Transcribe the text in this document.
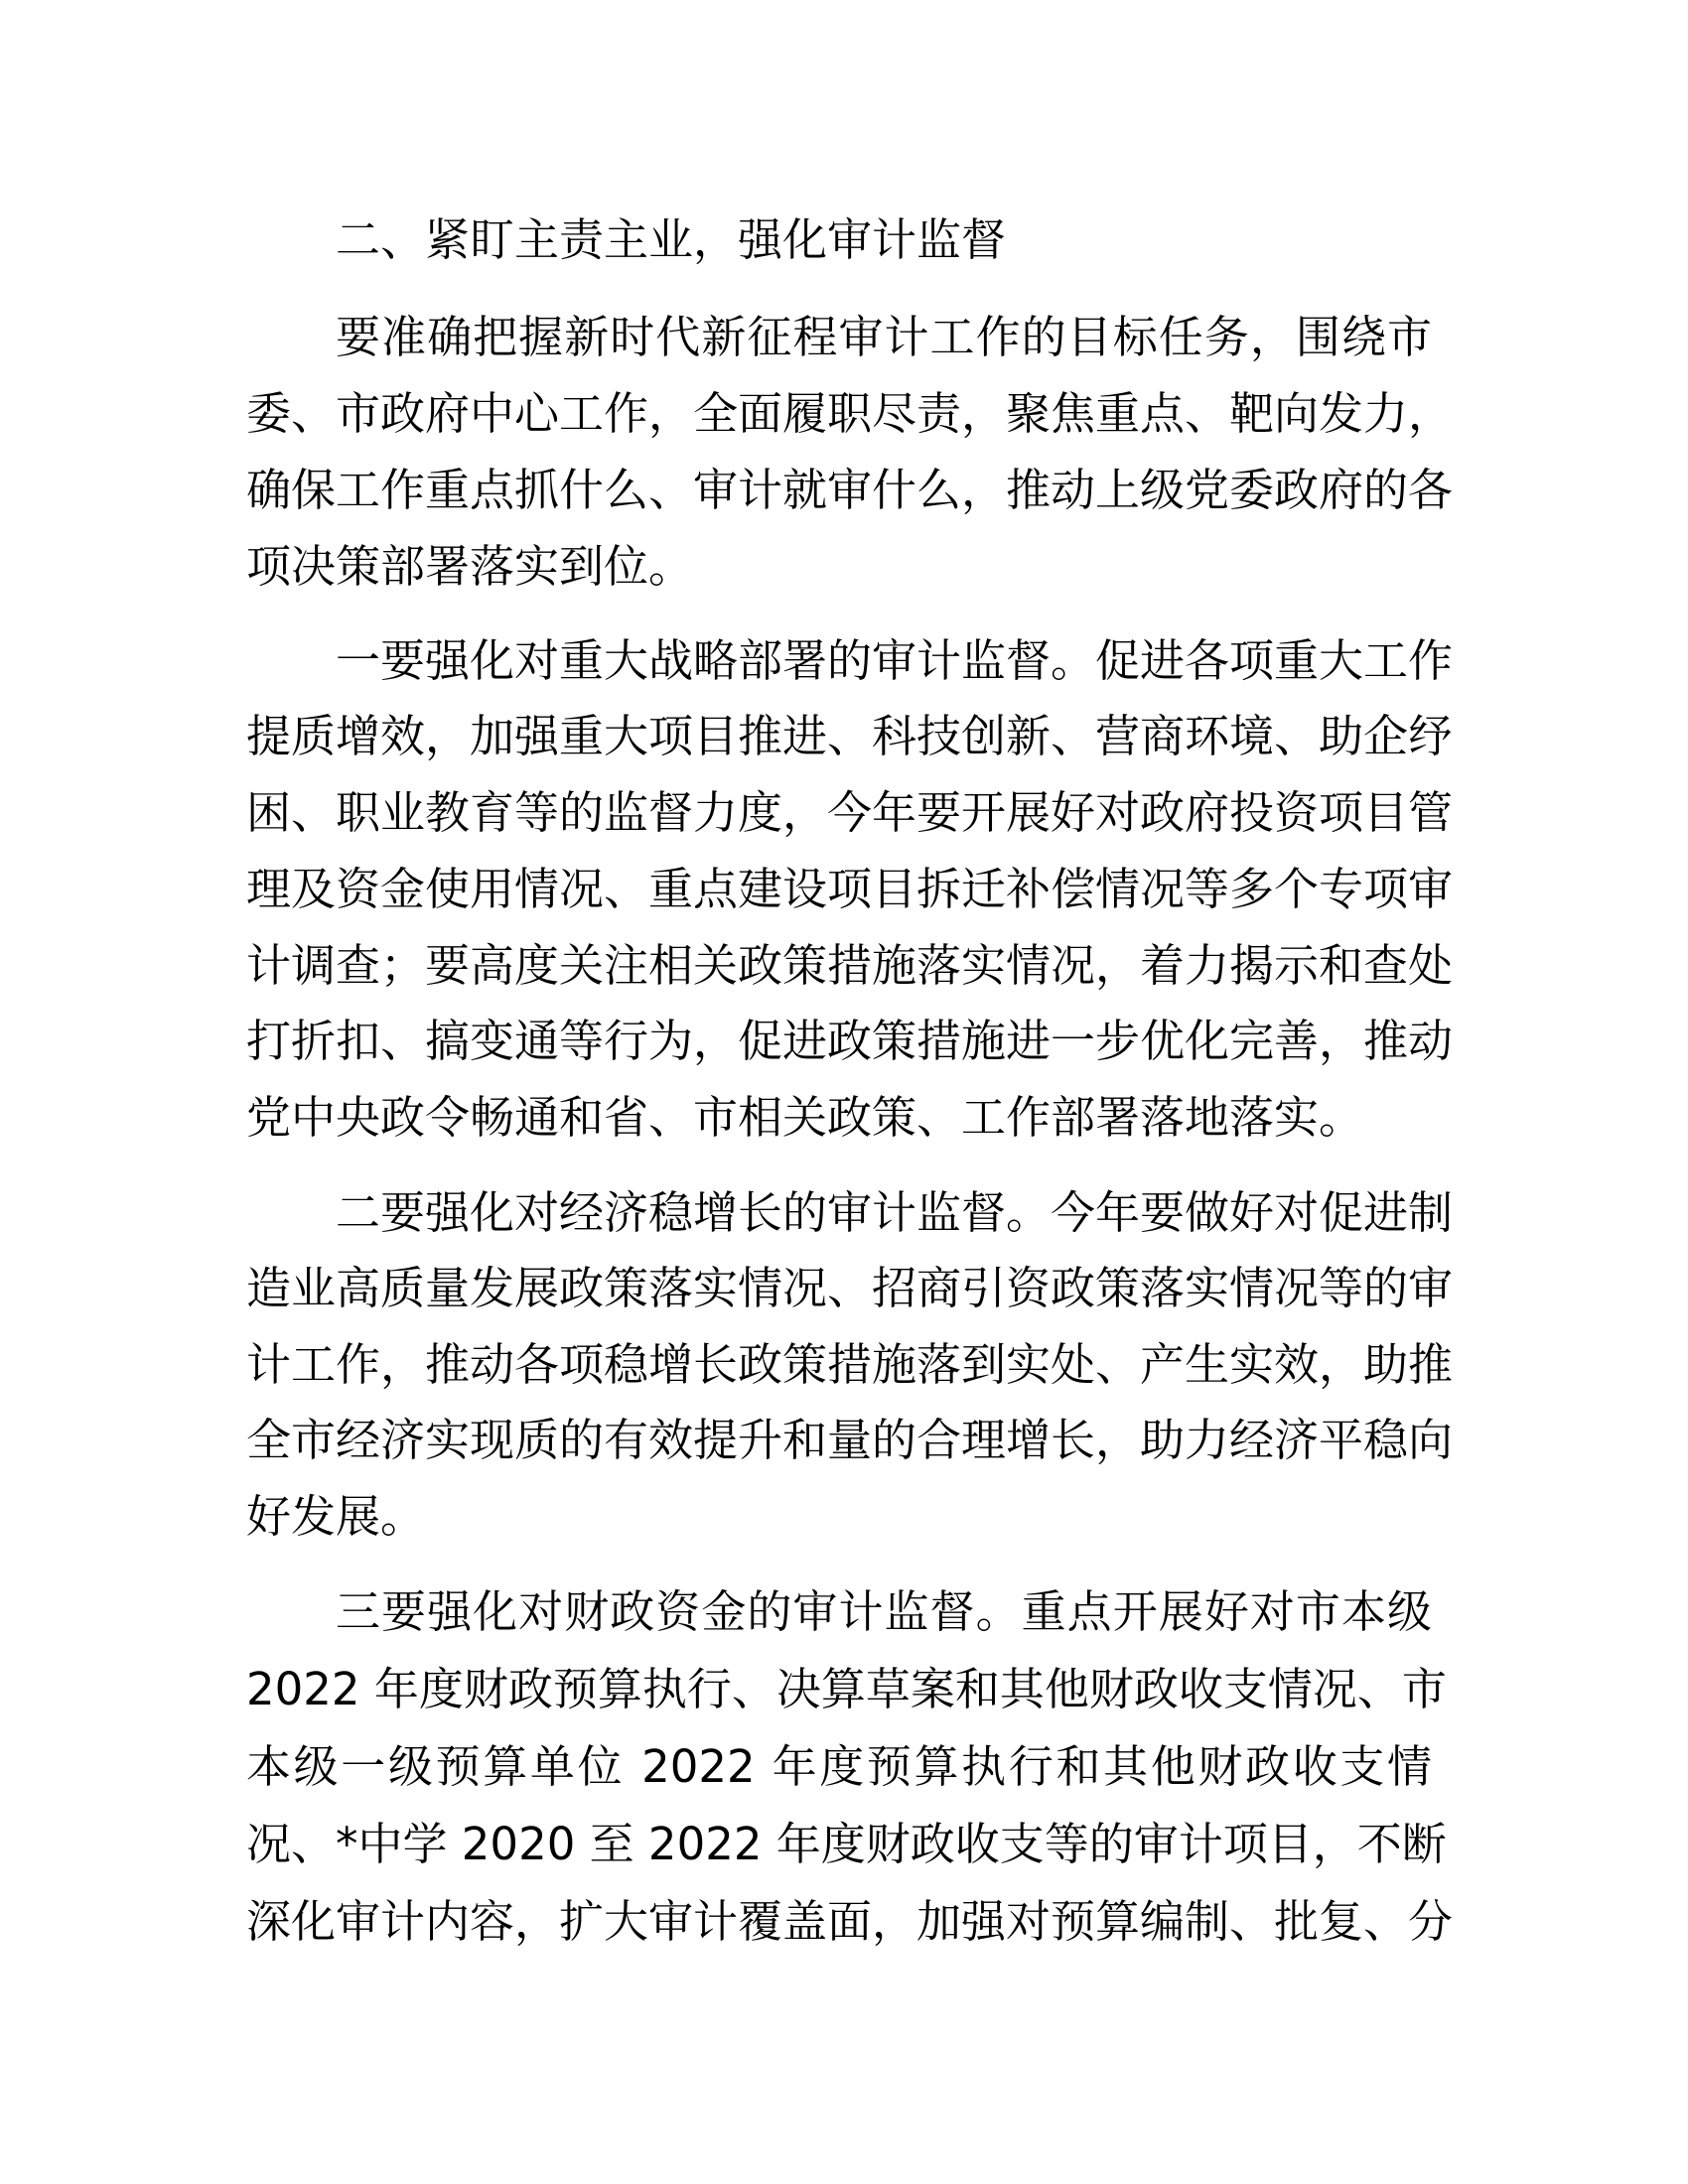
二、紧盯主责主业，强化审计监督
要准确把握新时代新征程审计工作的目标任务，围绕市
委、市政府中心工作，全面履职尽责，聚焦重点、靶向发力，
确保工作重点抓什么、审计就审什么，推动上级党委政府的各
项决策部署落实到位。
一要强化对重大战略部署的审计监督。促进各项重大工作
提质增效，加强重大项目推进、科技创新、营商环境、助企纾
困、职业教育等的监督力度，今年要开展好对政府投资项目管
理及资金使用情况、重点建设项目拆迁补偿情况等多个专项审
计调查；要高度关注相关政策措施落实情况，着力揭示和查处
打折扣、搞变通等行为，促进政策措施进一步优化完善，推动
党中央政令畅通和省、市相关政策、工作部署落地落实。
二要强化对经济稳增长的审计监督。今年要做好对促进制
造业高质量发展政策落实情况、招商引资政策落实情况等的审
计工作，推动各项稳增长政策措施落到实处、产生实效，助推
全市经济实现质的有效提升和量的合理增长，助力经济平稳向
好发展。
三要强化对财政资金的审计监督。重点开展好对市本级
2022 年度财政预算执行、决算草案和其他财政收支情况、市
本级一级预算单位 2022 年度预算执行和其他财政收支情
况、*中学 2020 至 2022 年度财政收支等的审计项目，不断
深化审计内容，扩大审计覆盖面，加强对预算编制、批复、分
